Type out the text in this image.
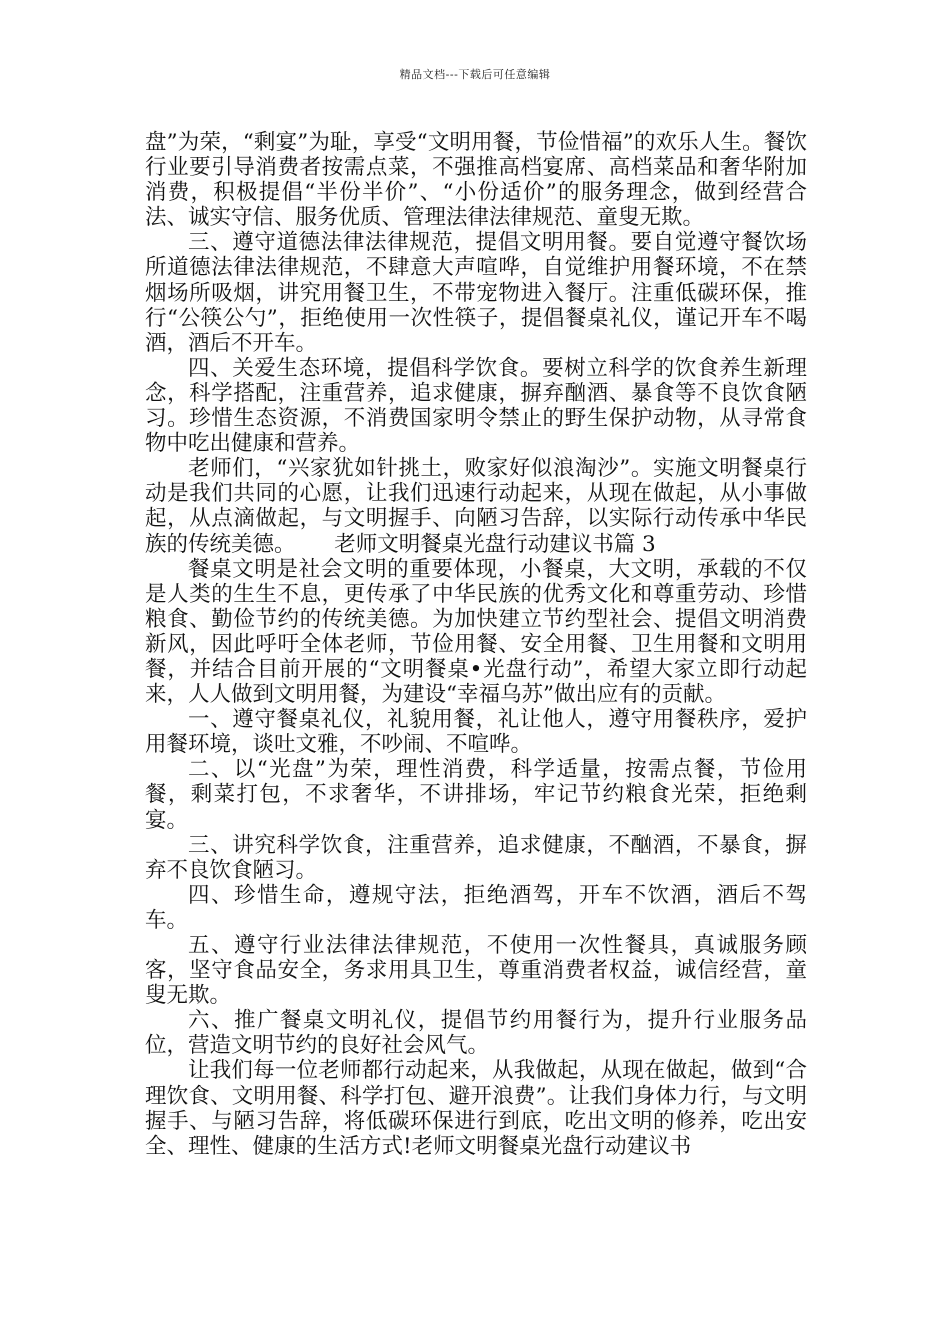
精品文档---下载后可任意编辑

盘”为荣，“剩宴”为耻，享受“文明用餐，节俭惜福”的欢乐人生。餐饮行业要引导消费者按需点菜，不强推高档宴席、高档菜品和奢华附加消费，积极提倡“半份半价”、“小份适价”的服务理念，做到经营合法、诚实守信、服务优质、管理法律法律规范、童叟无欺。

三、遵守道德法律法律规范，提倡文明用餐。要自觉遵守餐饮场所道德法律法律规范，不肆意大声喧哗，自觉维护用餐环境，不在禁烟场所吸烟，讲究用餐卫生，不带宠物进入餐厅。注重低碳环保，推行“公筷公勺”，拒绝使用一次性筷子，提倡餐桌礼仪，谨记开车不喝酒，酒后不开车。

四、关爱生态环境，提倡科学饮食。要树立科学的饮食养生新理念，科学搭配，注重营养，追求健康，摒弃酗酒、暴食等不良饮食陋习。珍惜生态资源，不消费国家明令禁止的野生保护动物，从寻常食物中吃出健康和营养。

老师们，“兴家犹如针挑土，败家好似浪淘沙”。实施文明餐桌行动是我们共同的心愿，让我们迅速行动起来，从现在做起，从小事做起，从点滴做起，与文明握手、向陋习告辞，以实际行动传承中华民族的传统美德。 老师文明餐桌光盘行动建议书篇 3

餐桌文明是社会文明的重要体现，小餐桌，大文明，承载的不仅是人类的生生不息，更传承了中华民族的优秀文化和尊重劳动、珍惜粮食、勤俭节约的传统美德。为加快建立节约型社会、提倡文明消费新风，因此呼吁全体老师，节俭用餐、安全用餐、卫生用餐和文明用餐，并结合目前开展的“文明餐桌•光盘行动”，希望大家立即行动起来，人人做到文明用餐，为建设“幸福乌苏”做出应有的贡献。

一、遵守餐桌礼仪，礼貌用餐，礼让他人，遵守用餐秩序，爱护用餐环境，谈吐文雅，不吵闹、不喧哗。

二、以“光盘”为荣，理性消费，科学适量，按需点餐，节俭用餐，剩菜打包，不求奢华，不讲排场，牢记节约粮食光荣，拒绝剩宴。

三、讲究科学饮食，注重营养，追求健康，不酗酒，不暴食，摒弃不良饮食陋习。

四、珍惜生命，遵规守法，拒绝酒驾，开车不饮酒，酒后不驾车。

五、遵守行业法律法律规范，不使用一次性餐具，真诚服务顾客，坚守食品安全，务求用具卫生，尊重消费者权益，诚信经营，童叟无欺。

六、推广餐桌文明礼仪，提倡节约用餐行为，提升行业服务品位，营造文明节约的良好社会风气。

让我们每一位老师都行动起来，从我做起，从现在做起，做到“合理饮食、文明用餐、科学打包、避开浪费”。让我们身体力行，与文明握手、与陋习告辞，将低碳环保进行到底，吃出文明的修养，吃出安全、理性、健康的生活方式!老师文明餐桌光盘行动建议书
